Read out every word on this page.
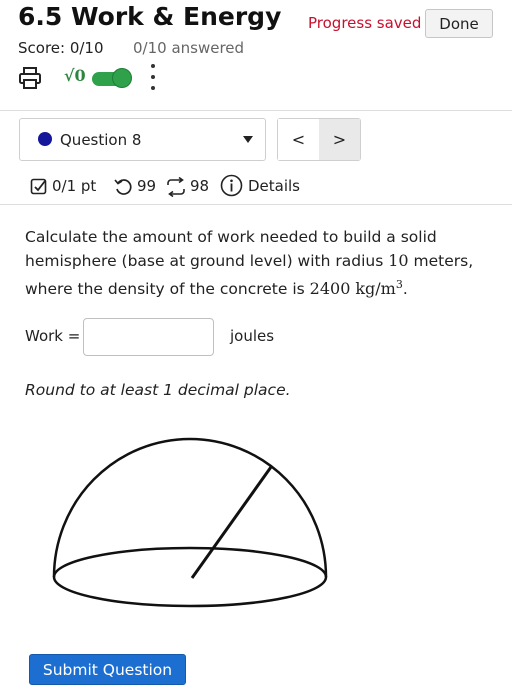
6.5 Work & Energy Progress saved	Done
Score: 0/10 0/10 answered
√0
Question 8	<	>
0/1 pt	99 98	Details
Calculate the amount of work needed to build a solid hemisphere (base at ground level) with radius 10 meters, where the density of the concrete is 2400 $kg/m^3$.
Work =	joules
Round to at least 1 decimal place.
Submit Question
